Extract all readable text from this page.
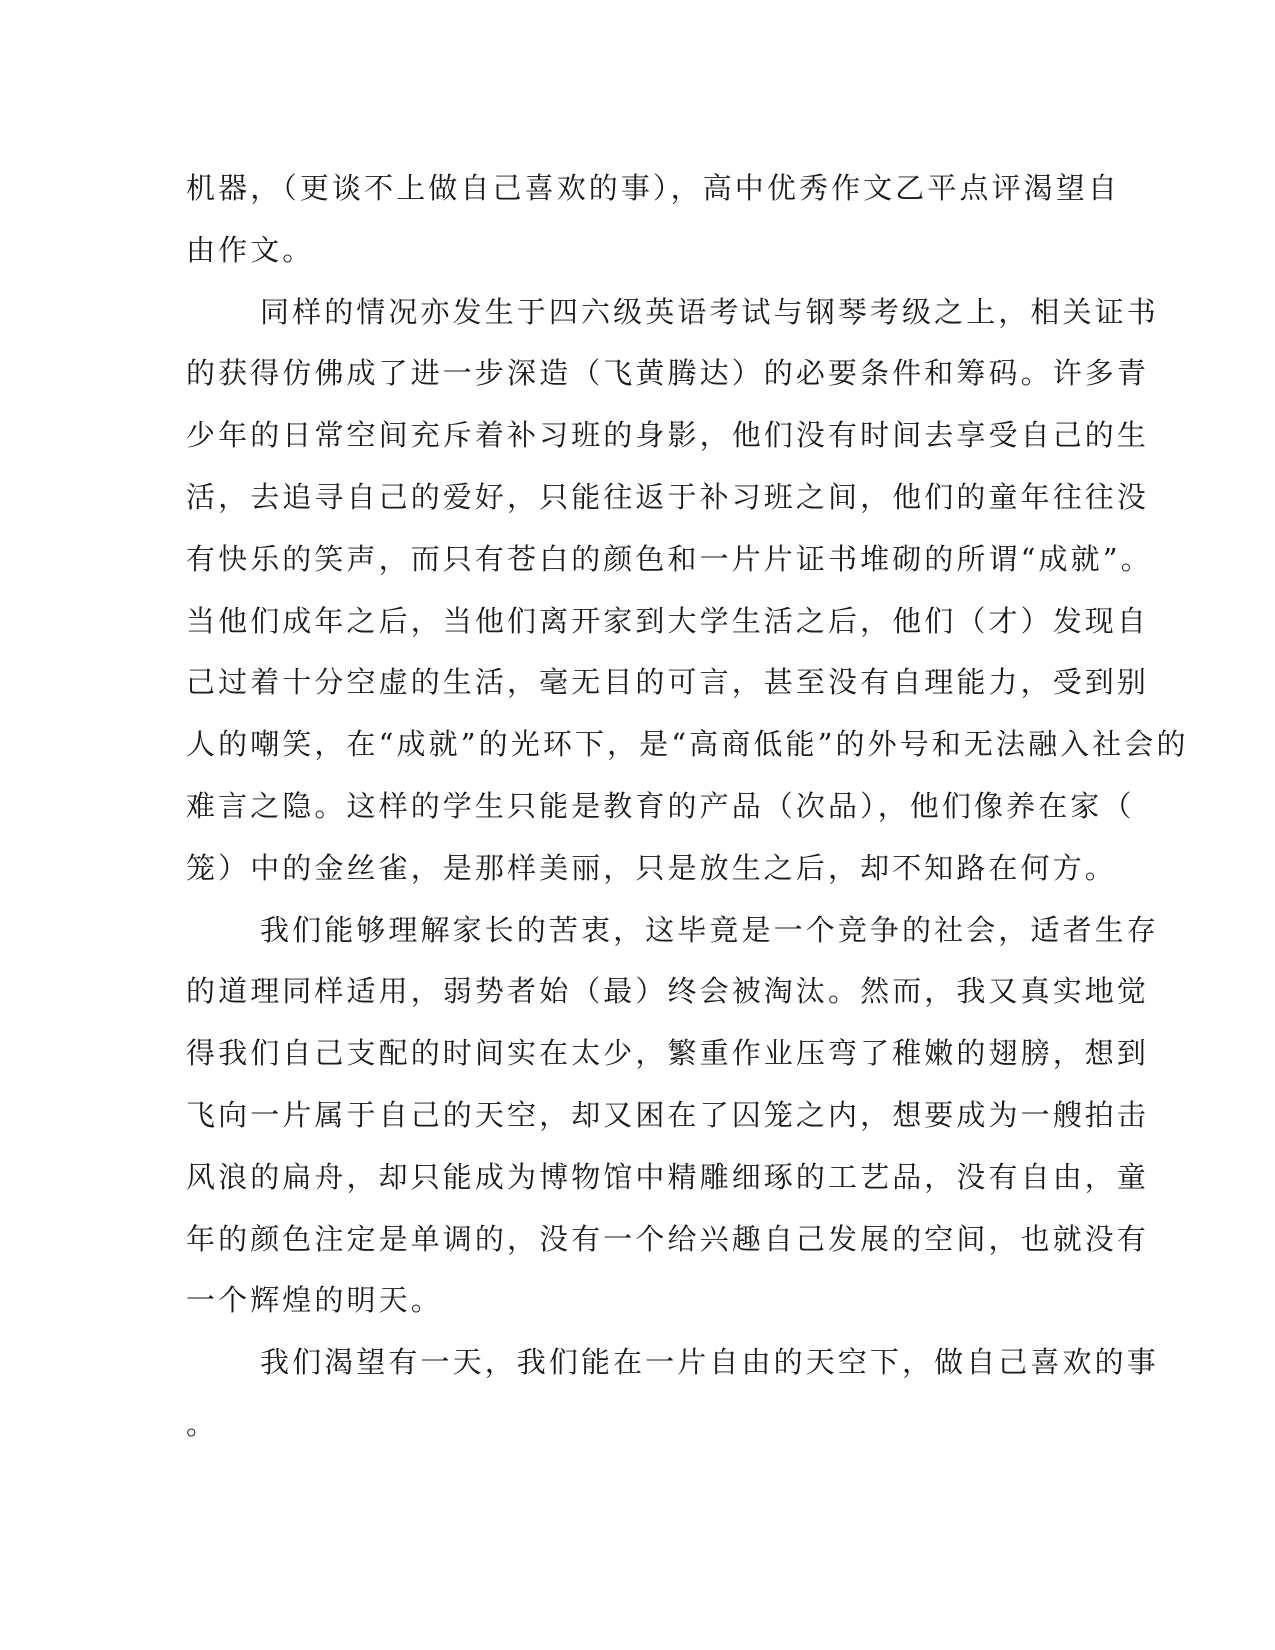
机器，（更谈不上做自己喜欢的事），高中优秀作文乙平点评渴望自
由作文。
同样的情况亦发生于四六级英语考试与钢琴考级之上，相关证书
的获得仿佛成了进一步深造（飞黄腾达）的必要条件和筹码。许多青
少年的日常空间充斥着补习班的身影，他们没有时间去享受自己的生
活，去追寻自己的爱好，只能往返于补习班之间，他们的童年往往没
有快乐的笑声，而只有苍白的颜色和一片片证书堆砌的所谓“成就”。
当他们成年之后，当他们离开家到大学生活之后，他们（才）发现自
己过着十分空虚的生活，毫无目的可言，甚至没有自理能力，受到别
人的嘲笑，在“成就”的光环下，是“高商低能”的外号和无法融入社会的
难言之隐。这样的学生只能是教育的产品（次品），他们像养在家（
笼）中的金丝雀，是那样美丽，只是放生之后，却不知路在何方。
我们能够理解家长的苦衷，这毕竟是一个竞争的社会，适者生存
的道理同样适用，弱势者始（最）终会被淘汰。然而，我又真实地觉
得我们自己支配的时间实在太少，繁重作业压弯了稚嫩的翅膀，想到
飞向一片属于自己的天空，却又困在了囚笼之内，想要成为一艘拍击
风浪的扁舟，却只能成为博物馆中精雕细琢的工艺品，没有自由，童
年的颜色注定是单调的，没有一个给兴趣自己发展的空间，也就没有
一个辉煌的明天。
我们渴望有一天，我们能在一片自由的天空下，做自己喜欢的事
。
